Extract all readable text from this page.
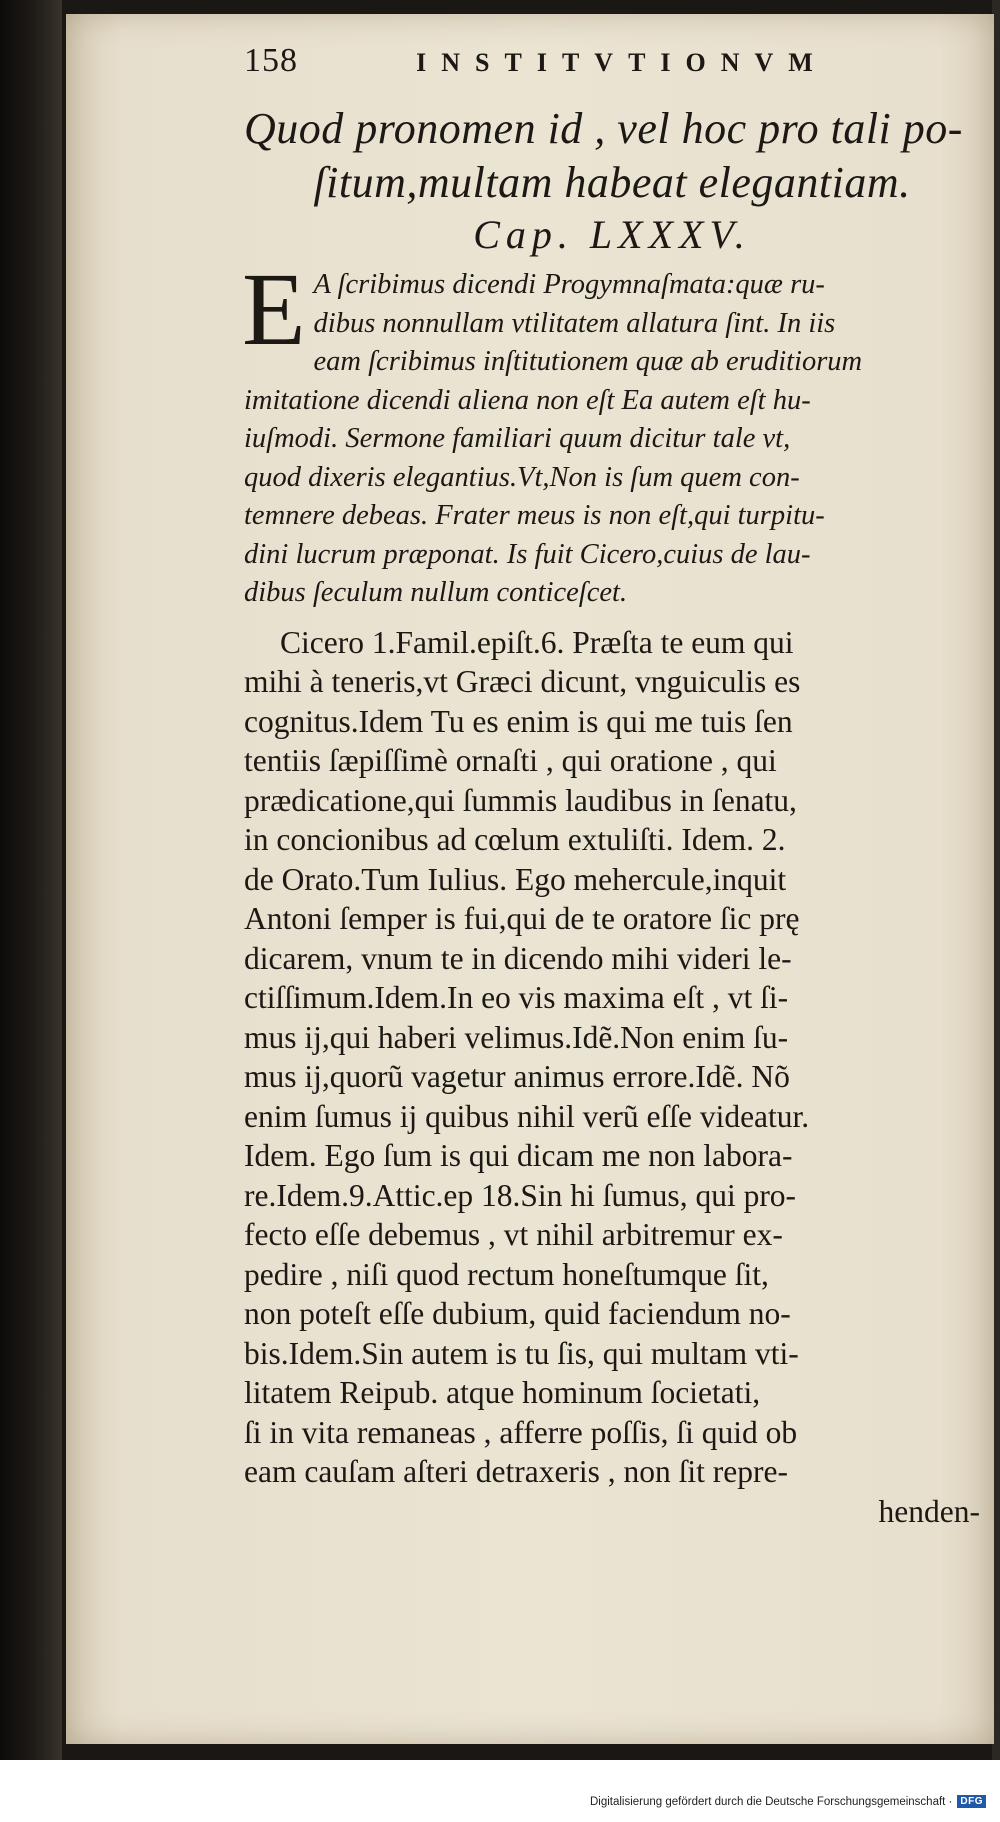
158	INSTITVTIONVM
Quod pronomen id , vel hoc pro tali po-
ſitum,multam habeat elegantiam.
Cap. LXXXV.
E A ſcribimus dicendi Progymnaſmata:quæ ru-
dibus nonnullam vtilitatem allatura ſint. In iis
eam ſcribimus inſtitutionem quæ ab eruditiorum
imitatione dicendi aliena non eſt Ea autem eſt hu-
iuſmodi. Sermone familiari quum dicitur tale vt,
quod dixeris elegantius.Vt,Non is ſum quem con-
temnere debeas. Frater meus is non eſt,qui turpitu-
dini lucrum præponat. Is fuit Cicero,cuius de lau-
dibus ſeculum nullum conticeſcet.
Cicero 1.Famil.epiſt.6. Præſta te eum qui
mihi à teneris,vt Græci dicunt, vnguiculis es
cognitus.Idem Tu es enim is qui me tuis ſen
tentiis ſæpiſſimè ornaſti , qui oratione , qui
prædicatione,qui ſummis laudibus in ſenatu,
in concionibus ad cœlum extuliſti. Idem. 2.
de Orato.Tum Iulius. Ego mehercule,inquit
Antoni ſemper is fui,qui de te oratore ſic prę
dicarem, vnum te in dicendo mihi videri le-
ctiſſimum.Idem.In eo vis maxima eſt , vt ſi-
mus ij,qui haberi velimus.Idẽ.Non enim ſu-
mus ij,quorũ vagetur animus errore.Idẽ. Nõ
enim ſumus ij quibus nihil verũ eſſe videatur.
Idem. Ego ſum is qui dicam me non labora-
re.Idem.9.Attic.ep 18.Sin hi ſumus, qui pro-
fecto eſſe debemus , vt nihil arbitremur ex-
pedire , niſi quod rectum honeſtumque ſit,
non poteſt eſſe dubium, quid faciendum no-
bis.Idem.Sin autem is tu ſis, qui multam vti-
litatem Reipub. atque hominum ſocietati,
ſi in vita remaneas , afferre poſſis, ſi quid ob
eam cauſam aſteri detraxeris , non ſit repre-
henden-
Digitalisierung gefördert durch die Deutsche Forschungsgemeinschaft · DFG
